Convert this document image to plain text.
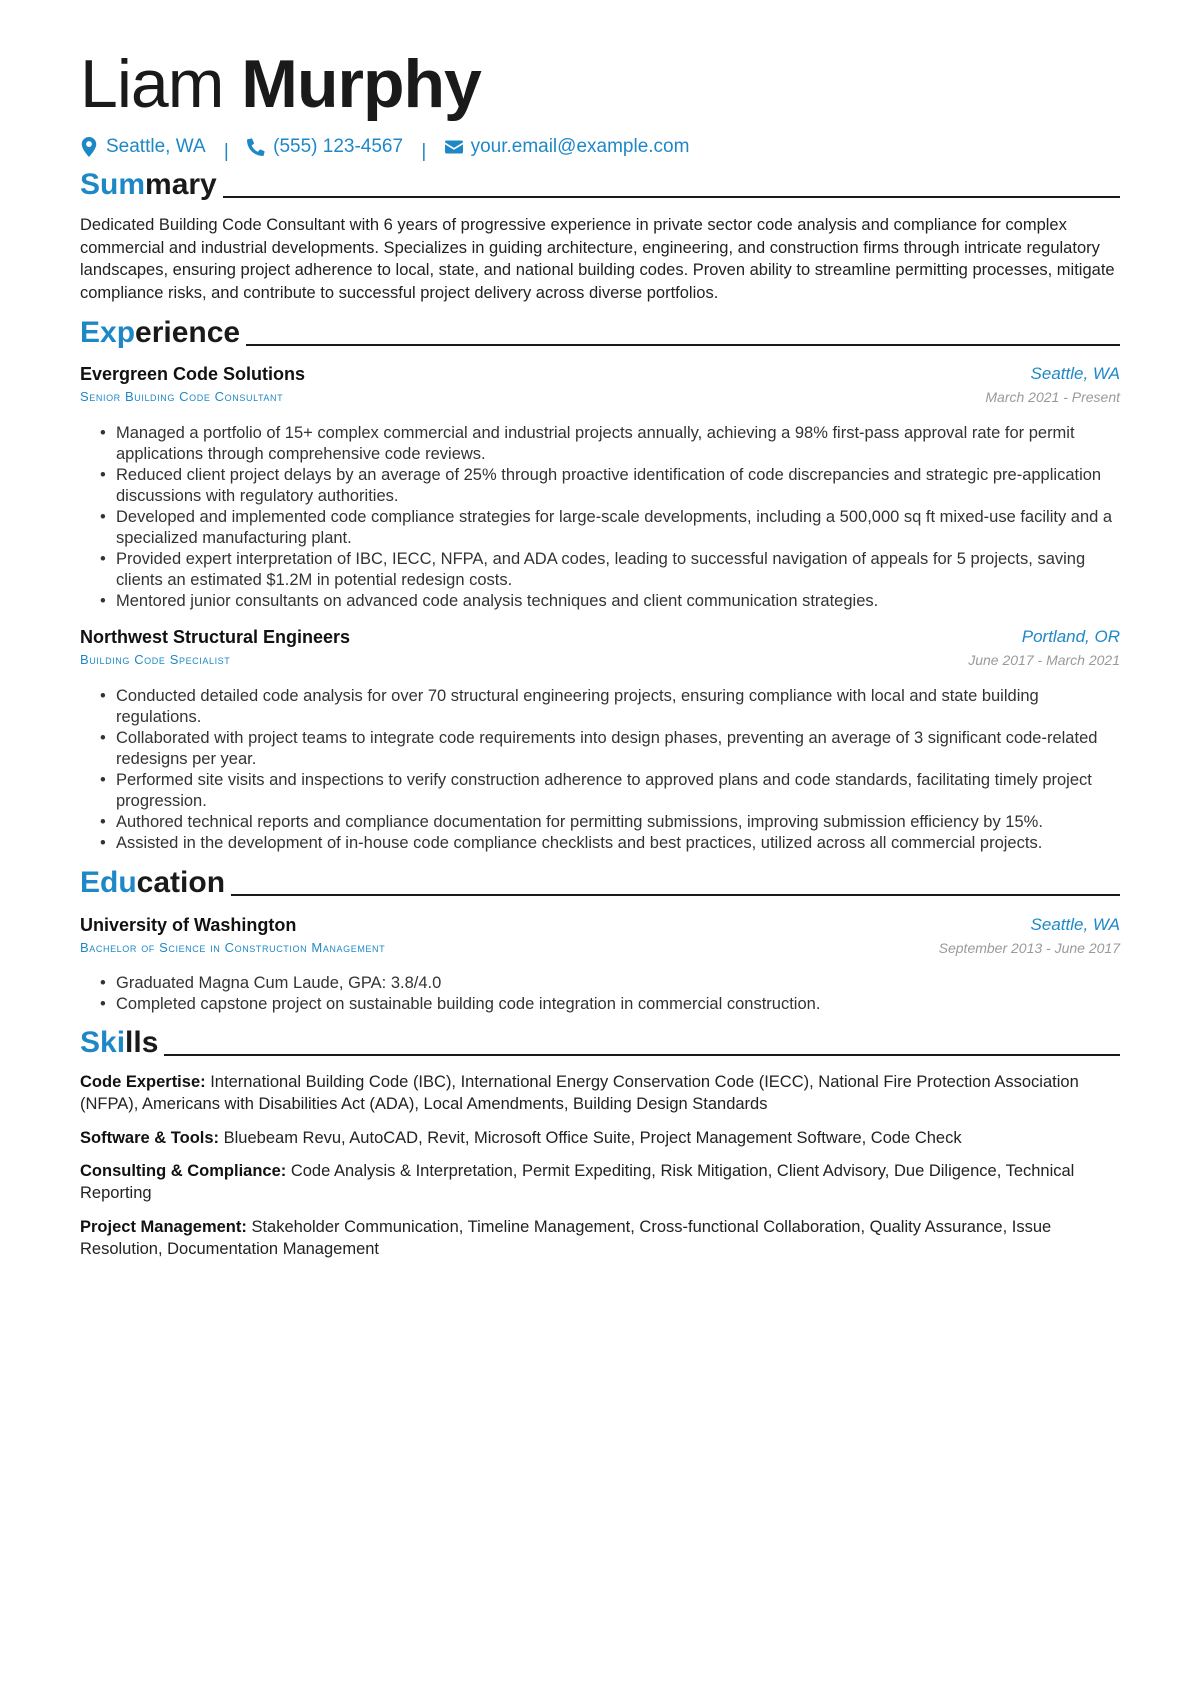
Liam Murphy
Seattle, WA | (555) 123-4567 | your.email@example.com
Summary
Dedicated Building Code Consultant with 6 years of progressive experience in private sector code analysis and compliance for complex commercial and industrial developments. Specializes in guiding architecture, engineering, and construction firms through intricate regulatory landscapes, ensuring project adherence to local, state, and national building codes. Proven ability to streamline permitting processes, mitigate compliance risks, and contribute to successful project delivery across diverse portfolios.
Experience
Evergreen Code Solutions	Seattle, WA
Senior Building Code Consultant	March 2021 - Present
• Managed a portfolio of 15+ complex commercial and industrial projects annually, achieving a 98% first-pass approval rate for permit applications through comprehensive code reviews.
• Reduced client project delays by an average of 25% through proactive identification of code discrepancies and strategic pre-application discussions with regulatory authorities.
• Developed and implemented code compliance strategies for large-scale developments, including a 500,000 sq ft mixed-use facility and a specialized manufacturing plant.
• Provided expert interpretation of IBC, IECC, NFPA, and ADA codes, leading to successful navigation of appeals for 5 projects, saving clients an estimated $1.2M in potential redesign costs.
• Mentored junior consultants on advanced code analysis techniques and client communication strategies.
Northwest Structural Engineers	Portland, OR
Building Code Specialist	June 2017 - March 2021
• Conducted detailed code analysis for over 70 structural engineering projects, ensuring compliance with local and state building regulations.
• Collaborated with project teams to integrate code requirements into design phases, preventing an average of 3 significant code-related redesigns per year.
• Performed site visits and inspections to verify construction adherence to approved plans and code standards, facilitating timely project progression.
• Authored technical reports and compliance documentation for permitting submissions, improving submission efficiency by 15%.
• Assisted in the development of in-house code compliance checklists and best practices, utilized across all commercial projects.
Education
University of Washington	Seattle, WA
Bachelor of Science in Construction Management	September 2013 - June 2017
• Graduated Magna Cum Laude, GPA: 3.8/4.0
• Completed capstone project on sustainable building code integration in commercial construction.
Skills
Code Expertise: International Building Code (IBC), International Energy Conservation Code (IECC), National Fire Protection Association (NFPA), Americans with Disabilities Act (ADA), Local Amendments, Building Design Standards
Software & Tools: Bluebeam Revu, AutoCAD, Revit, Microsoft Office Suite, Project Management Software, Code Check
Consulting & Compliance: Code Analysis & Interpretation, Permit Expediting, Risk Mitigation, Client Advisory, Due Diligence, Technical Reporting
Project Management: Stakeholder Communication, Timeline Management, Cross-functional Collaboration, Quality Assurance, Issue Resolution, Documentation Management
